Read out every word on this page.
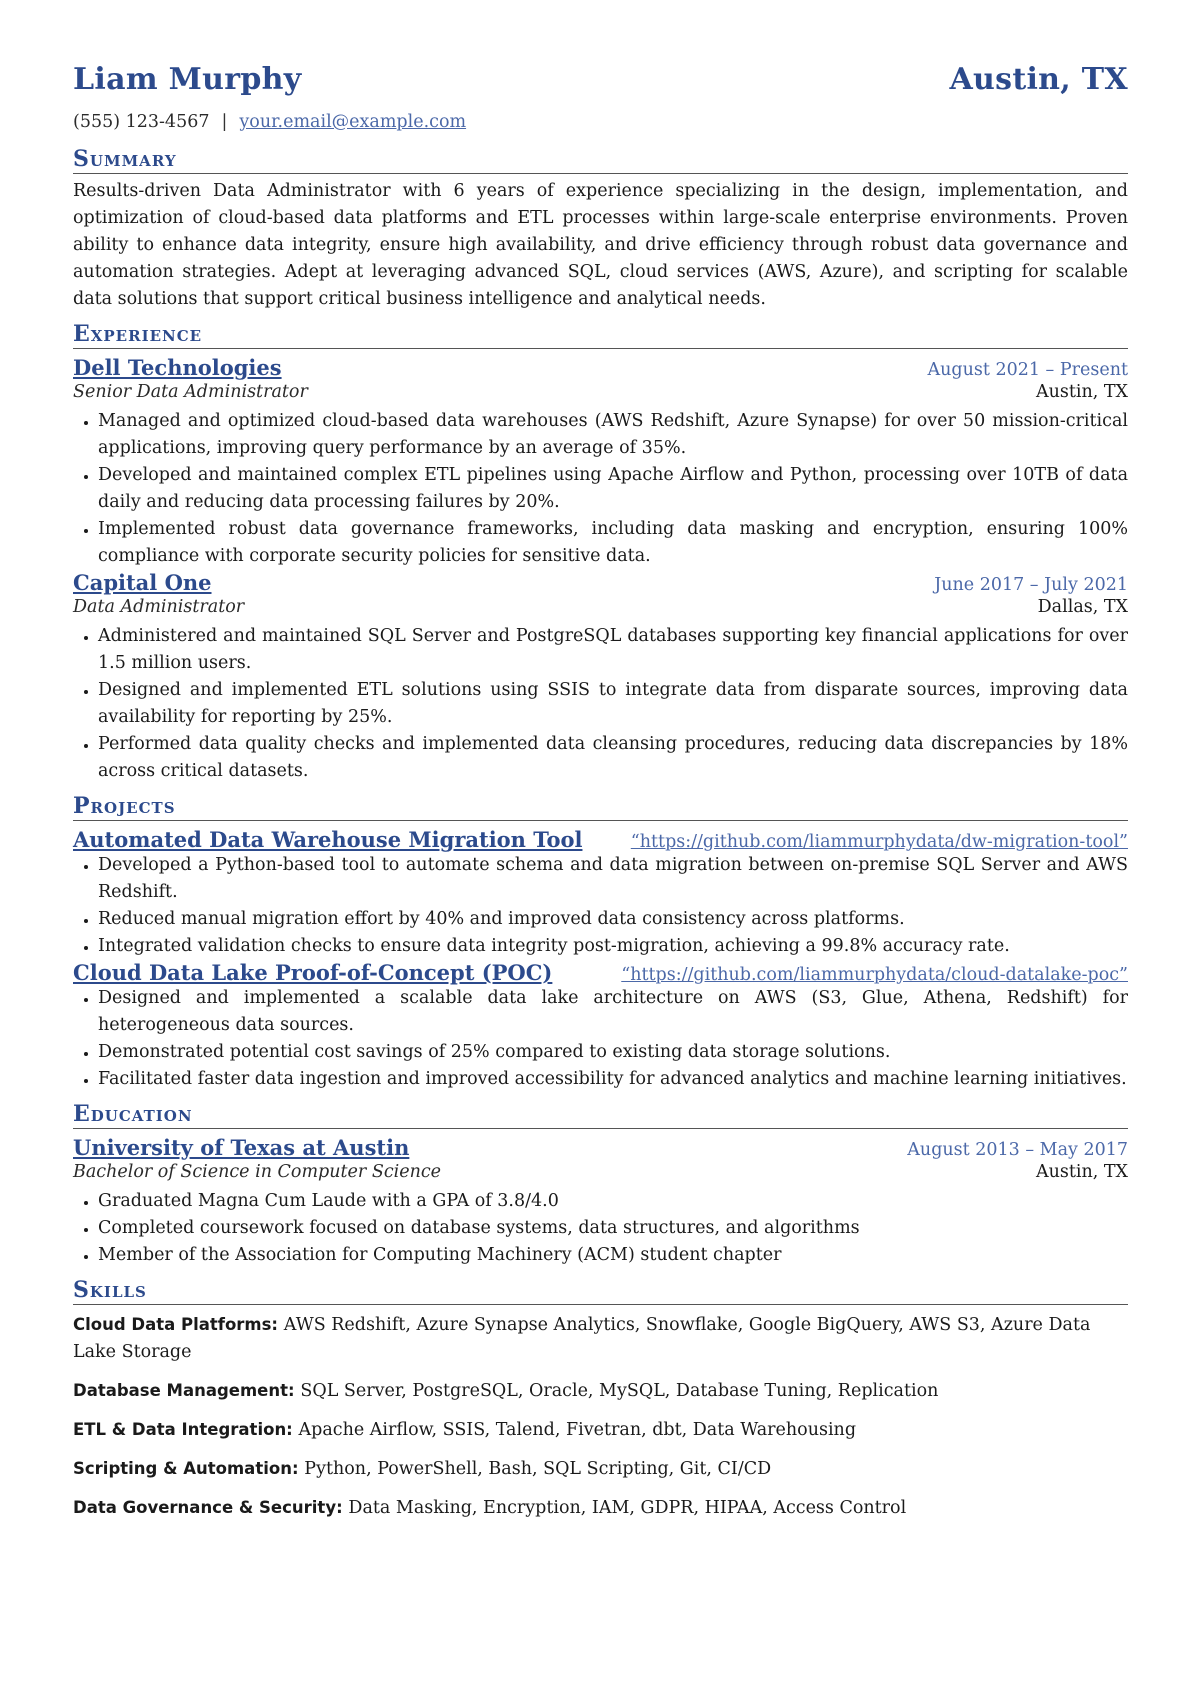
Liam Murphy	Austin, TX
(555) 123-4567 | your.email@example.com
Summary
Results-driven Data Administrator with 6 years of experience specializing in the design, implementation, and optimization of cloud-based data platforms and ETL processes within large-scale enterprise environments. Proven ability to enhance data integrity, ensure high availability, and drive efficiency through robust data governance and automation strategies. Adept at leveraging advanced SQL, cloud services (AWS, Azure), and scripting for scalable data solutions that support critical business intelligence and analytical needs.
Experience
Dell Technologies	August 2021 – Present
Senior Data Administrator	Austin, TX
• Managed and optimized cloud-based data warehouses (AWS Redshift, Azure Synapse) for over 50 mission-critical applications, improving query performance by an average of 35%.
• Developed and maintained complex ETL pipelines using Apache Airflow and Python, processing over 10TB of data daily and reducing data processing failures by 20%.
• Implemented robust data governance frameworks, including data masking and encryption, ensuring 100% compliance with corporate security policies for sensitive data.
Capital One	June 2017 – July 2021
Data Administrator	Dallas, TX
• Administered and maintained SQL Server and PostgreSQL databases supporting key financial applications for over 1.5 million users.
• Designed and implemented ETL solutions using SSIS to integrate data from disparate sources, improving data availability for reporting by 25%.
• Performed data quality checks and implemented data cleansing procedures, reducing data discrepancies by 18% across critical datasets.
Projects
Automated Data Warehouse Migration Tool	“https://github.com/liammurphydata/dw-migration-tool”
• Developed a Python-based tool to automate schema and data migration between on-premise SQL Server and AWS Redshift.
• Reduced manual migration effort by 40% and improved data consistency across platforms.
• Integrated validation checks to ensure data integrity post-migration, achieving a 99.8% accuracy rate.
Cloud Data Lake Proof-of-Concept (POC)	“https://github.com/liammurphydata/cloud-datalake-poc”
• Designed and implemented a scalable data lake architecture on AWS (S3, Glue, Athena, Redshift) for heterogeneous data sources.
• Demonstrated potential cost savings of 25% compared to existing data storage solutions.
• Facilitated faster data ingestion and improved accessibility for advanced analytics and machine learning initiatives.
Education
University of Texas at Austin	August 2013 – May 2017
Bachelor of Science in Computer Science	Austin, TX
• Graduated Magna Cum Laude with a GPA of 3.8/4.0
• Completed coursework focused on database systems, data structures, and algorithms
• Member of the Association for Computing Machinery (ACM) student chapter
Skills
Cloud Data Platforms: AWS Redshift, Azure Synapse Analytics, Snowflake, Google BigQuery, AWS S3, Azure Data Lake Storage
Database Management: SQL Server, PostgreSQL, Oracle, MySQL, Database Tuning, Replication
ETL & Data Integration: Apache Airflow, SSIS, Talend, Fivetran, dbt, Data Warehousing
Scripting & Automation: Python, PowerShell, Bash, SQL Scripting, Git, CI/CD
Data Governance & Security: Data Masking, Encryption, IAM, GDPR, HIPAA, Access Control
